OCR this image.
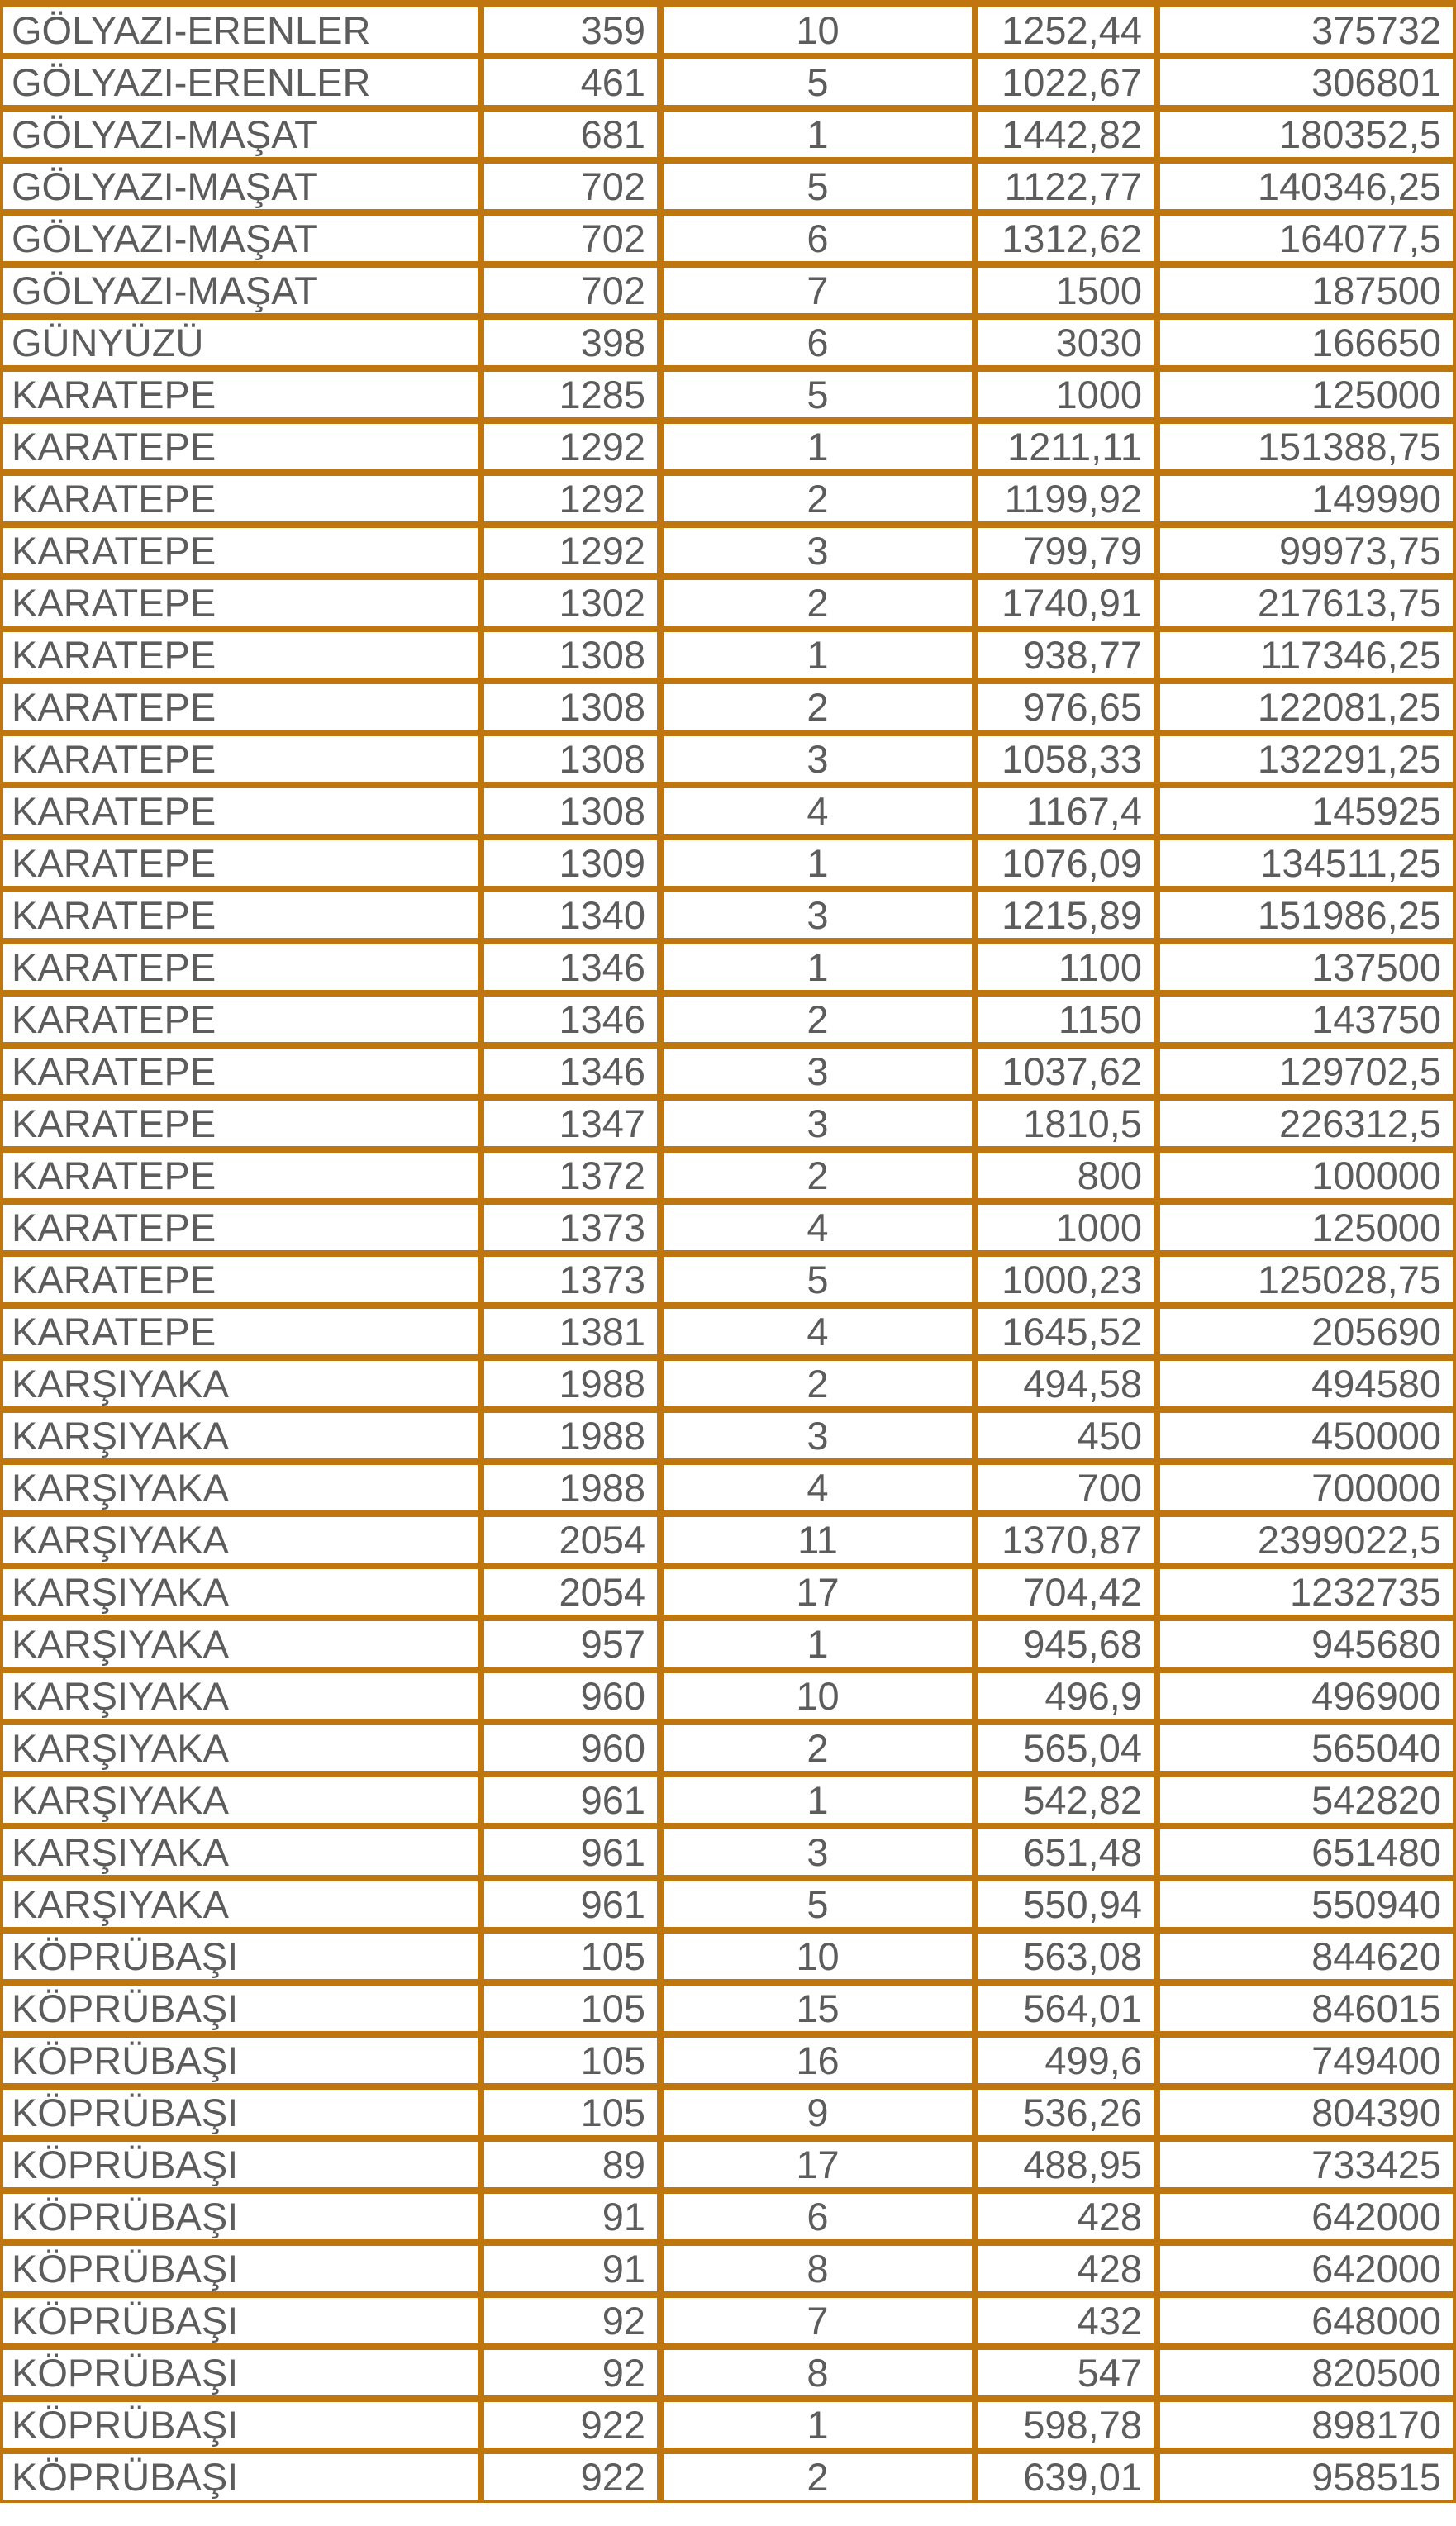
GÖLYAZI-ERENLER	359	10	1252,44	375732
GÖLYAZI-ERENLER	461	5	1022,67	306801
GÖLYAZI-MAŞAT	681	1	1442,82	180352,5
GÖLYAZI-MAŞAT	702	5	1122,77	140346,25
GÖLYAZI-MAŞAT	702	6	1312,62	164077,5
GÖLYAZI-MAŞAT	702	7	1500	187500
GÜNYÜZÜ	398	6	3030	166650
KARATEPE	1285	5	1000	125000
KARATEPE	1292	1	1211,11	151388,75
KARATEPE	1292	2	1199,92	149990
KARATEPE	1292	3	799,79	99973,75
KARATEPE	1302	2	1740,91	217613,75
KARATEPE	1308	1	938,77	117346,25
KARATEPE	1308	2	976,65	122081,25
KARATEPE	1308	3	1058,33	132291,25
KARATEPE	1308	4	1167,4	145925
KARATEPE	1309	1	1076,09	134511,25
KARATEPE	1340	3	1215,89	151986,25
KARATEPE	1346	1	1100	137500
KARATEPE	1346	2	1150	143750
KARATEPE	1346	3	1037,62	129702,5
KARATEPE	1347	3	1810,5	226312,5
KARATEPE	1372	2	800	100000
KARATEPE	1373	4	1000	125000
KARATEPE	1373	5	1000,23	125028,75
KARATEPE	1381	4	1645,52	205690
KARŞIYAKA	1988	2	494,58	494580
KARŞIYAKA	1988	3	450	450000
KARŞIYAKA	1988	4	700	700000
KARŞIYAKA	2054	11	1370,87	2399022,5
KARŞIYAKA	2054	17	704,42	1232735
KARŞIYAKA	957	1	945,68	945680
KARŞIYAKA	960	10	496,9	496900
KARŞIYAKA	960	2	565,04	565040
KARŞIYAKA	961	1	542,82	542820
KARŞIYAKA	961	3	651,48	651480
KARŞIYAKA	961	5	550,94	550940
KÖPRÜBAŞI	105	10	563,08	844620
KÖPRÜBAŞI	105	15	564,01	846015
KÖPRÜBAŞI	105	16	499,6	749400
KÖPRÜBAŞI	105	9	536,26	804390
KÖPRÜBAŞI	89	17	488,95	733425
KÖPRÜBAŞI	91	6	428	642000
KÖPRÜBAŞI	91	8	428	642000
KÖPRÜBAŞI	92	7	432	648000
KÖPRÜBAŞI	92	8	547	820500
KÖPRÜBAŞI	922	1	598,78	898170
KÖPRÜBAŞI	922	2	639,01	958515
